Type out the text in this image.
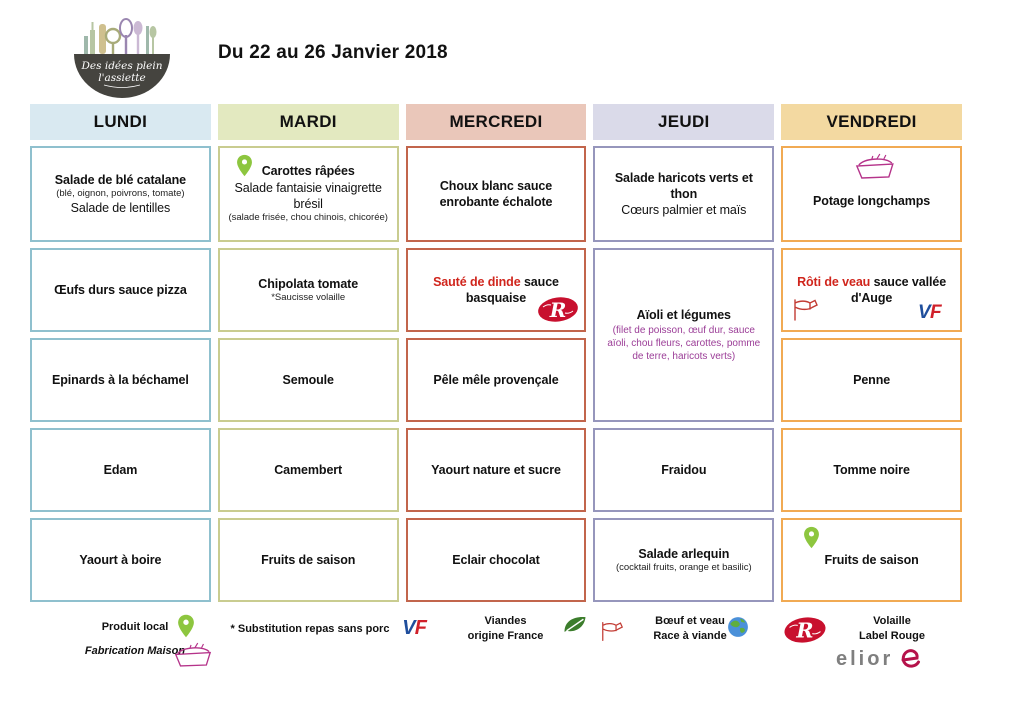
Des idées plein
l'assiette
Du 22 au 26 Janvier 2018
LUNDI
Salade de blé catalane
(blé, oignon, poivrons, tomate)
Salade de lentilles
Œufs durs sauce pizza
Epinards à la béchamel
Edam
Yaourt à boire
MARDI
Carottes râpées
Salade fantaisie vinaigrette brésil
(salade frisée, chou chinois, chicorée)
Chipolata tomate
*Saucisse volaille
Semoule
Camembert
Fruits de saison
MERCREDI
Choux blanc sauce enrobante échalote
Sauté de dinde sauce basquaise	R
Pêle mêle provençale
Yaourt nature et sucre
Eclair chocolat
JEUDI
Salade haricots verts et thon
Cœurs palmier et maïs
Aïoli et légumes
(filet de poisson, œuf dur, sauce aïoli, chou fleurs, carottes, pomme de terre, haricots verts)
Fraidou
Salade arlequin
(cocktail fruits, orange et basilic)
VENDREDI
Potage longchamps
Rôti de veau sauce vallée d'Auge
V F
Penne
Tomme noire
Fruits de saison
Produit local
Fabrication Maison
* Substitution repas sans porc V F	Viandes
origine France
Bœuf et veau
Race à viande	R	Volaille
Label Rouge
elior
